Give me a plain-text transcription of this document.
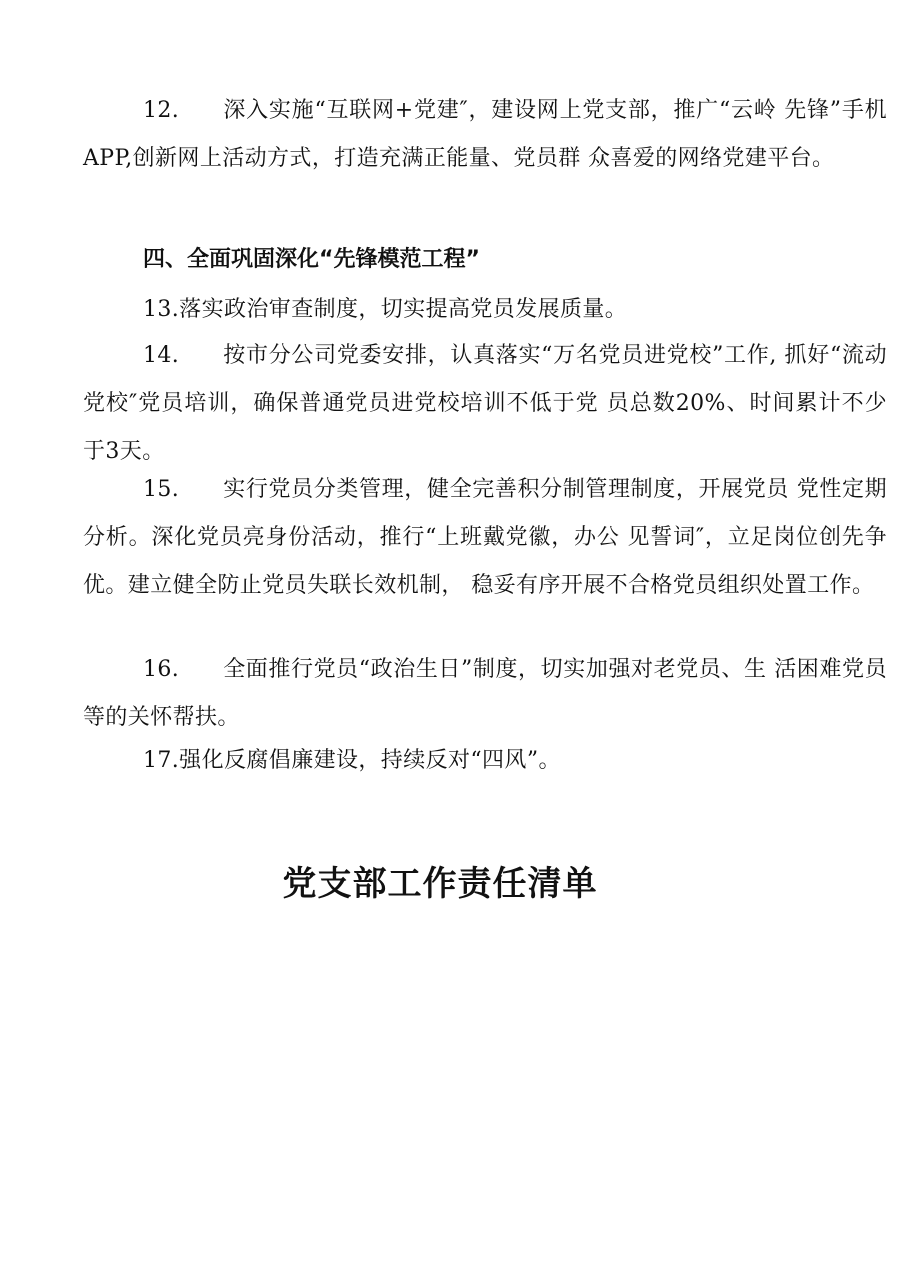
12. 深入实施“互联网+党建″，建设网上党支部，推广“云岭 先锋”手机APP,创新网上活动方式，打造充满正能量、党员群 众喜爱的网络党建平台。

四、全面巩固深化“先锋模范工程”

13.落实政治审查制度，切实提高党员发展质量。

14. 按市分公司党委安排，认真落实“万名党员进党校”工作, 抓好“流动党校″党员培训，确保普通党员进党校培训不低于党 员总数20%、时间累计不少于3天。

15. 实行党员分类管理，健全完善积分制管理制度，开展党员 党性定期分析。深化党员亮身份活动，推行“上班戴党徽，办公 见誓词″，立足岗位创先争优。建立健全防止党员失联长效机制， 稳妥有序开展不合格党员组织处置工作。

16. 全面推行党员“政治生日”制度，切实加强对老党员、生 活困难党员等的关怀帮扶。

17.强化反腐倡廉建设，持续反对“四风”。

党支部工作责任清单
